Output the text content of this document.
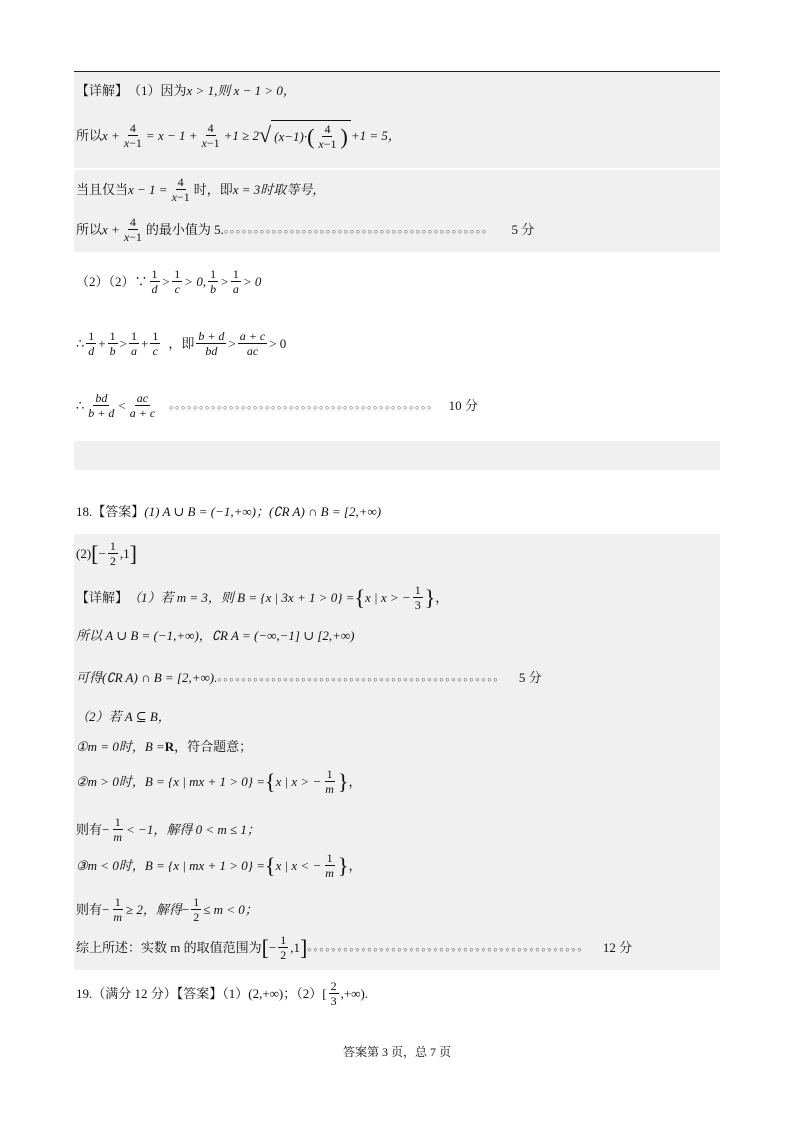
【详解】 （1）因为 x > 1,则 x − 1 > 0，
所以 $x + \frac{4}{x-1} = x - 1 + \frac{4}{x-1} +1 \ge 2$ √ (x−1)· ( $\frac{4}{x-1}$ ) +1 = 5，
当且仅当 $x - 1 = \frac{4}{x-1}$ 时，即 x = 3时取等号，
所以 $x + \frac{4}{x-1}$ 的最小值为 5. 。。。。。。。。。。。。。。。。。。。。。。。。。。。。。。。。。。。。。。。。。。。。 5 分
（2）（2）∵ $\frac{1}{d} > \frac{1}{c} > 0$, $\frac{1}{b} > \frac{1}{a} > 0$
∴ $\frac{1}{d} + \frac{1}{b} > \frac{1}{a} + \frac{1}{c}$ ，即 $\frac{b + d}{bd} > \frac{a + c}{ac} > 0$
∴ $\frac{bd}{b + d} < \frac{ac}{a + c}$ 。。。。。。。。。。。。。。。。。。。。。。。。。。。。。。。。。。。。。。。。。。。。 10 分
18. 【答案】 (1) A ∪ B = (−1,+∞)；(∁R A) ∩ B = [2,+∞)
(2) [ − $\frac{1}{2} ,1$ ]
【详解】 （1）若 m = 3，则 B = {x | 3x + 1 > 0} = { x | x > − $\frac{1}{3}$ } ，
所以 A ∪ B = (−1,+∞)，∁R A = (−∞,−1] ∪ [2,+∞)
可得(∁R A) ∩ B = [2,+∞). 。。。。。。。。。。。。。。。。。。。。。。。。。。。。。。。。。。。。。。。。。。。。。。。 5 分
（2）若 A ⊆ B，
①m = 0时，B = R ，符合题意；
②m > 0时，B = {x | mx + 1 > 0} = { x | x > − $\frac{1}{m}$ } ，
则有 − $\frac{1}{m} < -1$，解得 0 < m ≤ 1；
③m < 0时，B = {x | mx + 1 > 0} = { x | x < − $\frac{1}{m}$ } ，
则有 − $\frac{1}{m} \ge 2$，解得 − $\frac{1}{2} \le m < 0$；
综上所述：实数 m 的取值范围为 [ − $\frac{1}{2} ,1$ ] 。。。。。。。。。。。。。。。。。。。。。。。。。。。。。。。。。。。。。。。。。。。。。。 12 分
19.（满分 12 分）【答案】（1）(2,+∞)；$(2)[ \frac{2}{3}$ ,+∞).
答案第 3 页，总 7 页
